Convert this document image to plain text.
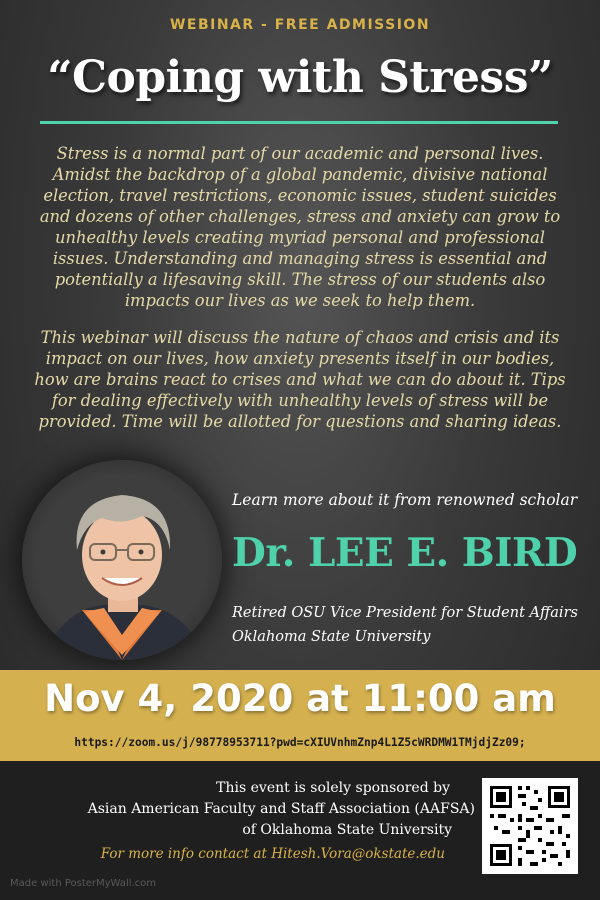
WEBINAR - FREE ADMISSION
“Coping with Stress”

Stress is a normal part of our academic and personal lives. Amidst the backdrop of a global pandemic, divisive national election, travel restrictions, economic issues, student suicides and dozens of other challenges, stress and anxiety can grow to unhealthy levels creating myriad personal and professional issues. Understanding and managing stress is essential and potentially a lifesaving skill. The stress of our students also impacts our lives as we seek to help them.

This webinar will discuss the nature of chaos and crisis and its impact on our lives, how anxiety presents itself in our bodies, how are brains react to crises and what we can do about it. Tips for dealing effectively with unhealthy levels of stress will be provided. Time will be allotted for questions and sharing ideas.

Learn more about it from renowned scholar
Dr. LEE E. BIRD
Retired OSU Vice President for Student Affairs
Oklahoma State University
Nov 4, 2020 at 11:00 am
https://zoom.us/j/98778953711?pwd=cXIUVnhmZnp4L1Z5cWRDMW1TMjdjZz09;
This event is solely sponsored by
Asian American Faculty and Staff Association (AAFSA)
of Oklahoma State University
For more info contact at Hitesh.Vora@okstate.edu
Made with PosterMyWall.com
